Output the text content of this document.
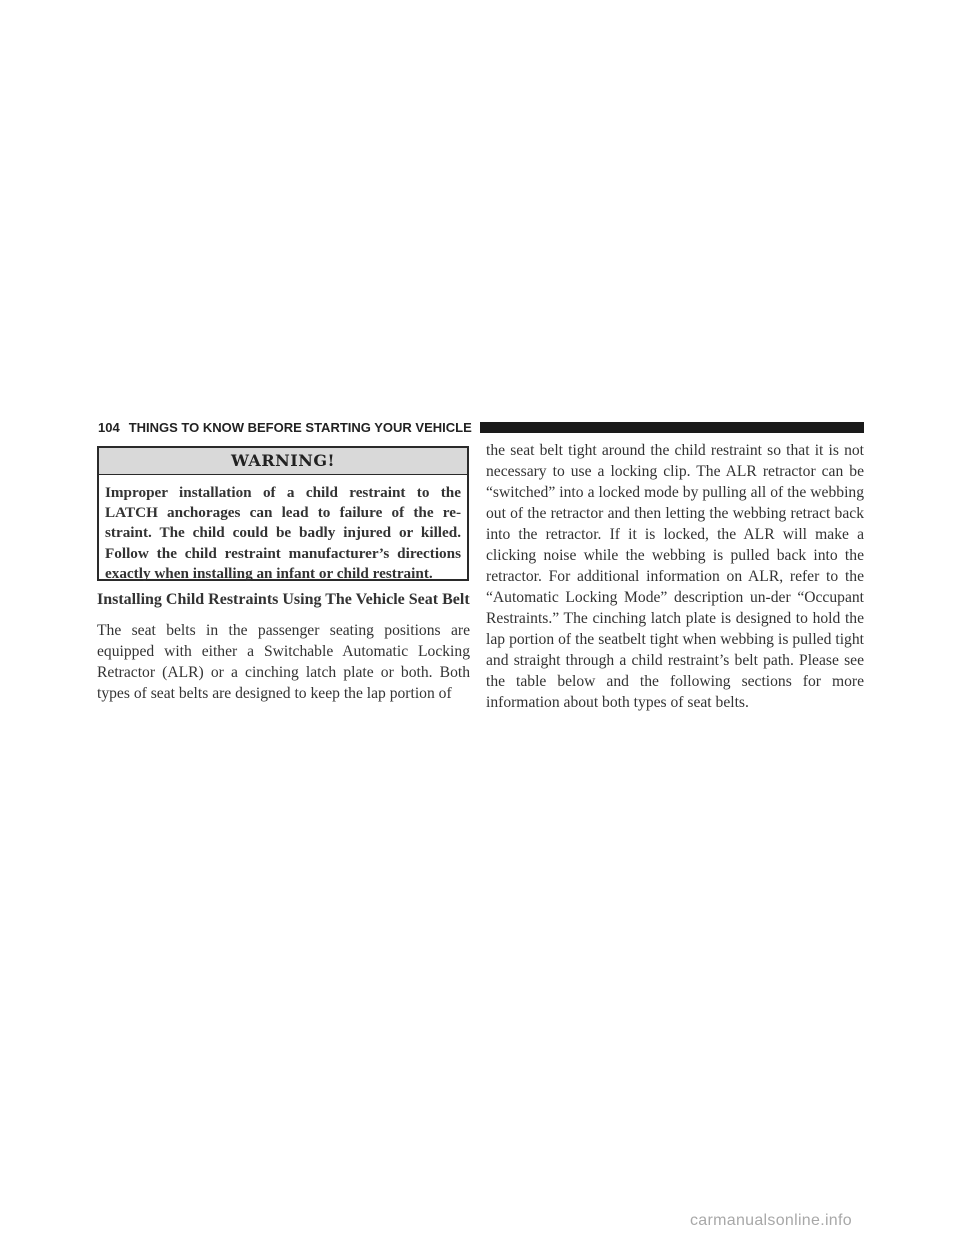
104 THINGS TO KNOW BEFORE STARTING YOUR VEHICLE
WARNING!
Improper installation of a child restraint to the LATCH anchorages can lead to failure of the re-straint. The child could be badly injured or killed. Follow the child restraint manufacturer’s directions exactly when installing an infant or child restraint.
Installing Child Restraints Using The Vehicle Seat Belt

The seat belts in the passenger seating positions are equipped with either a Switchable Automatic Locking Retractor (ALR) or a cinching latch plate or both. Both types of seat belts are designed to keep the lap portion of

the seat belt tight around the child restraint so that it is not necessary to use a locking clip. The ALR retractor can be “switched” into a locked mode by pulling all of the webbing out of the retractor and then letting the webbing retract back into the retractor. If it is locked, the ALR will make a clicking noise while the webbing is pulled back into the retractor. For additional information on ALR, refer to the “Automatic Locking Mode” description un-der “Occupant Restraints.” The cinching latch plate is designed to hold the lap portion of the seatbelt tight when webbing is pulled tight and straight through a child restraint’s belt path. Please see the table below and the following sections for more information about both types of seat belts.

carmanualsonline.info
